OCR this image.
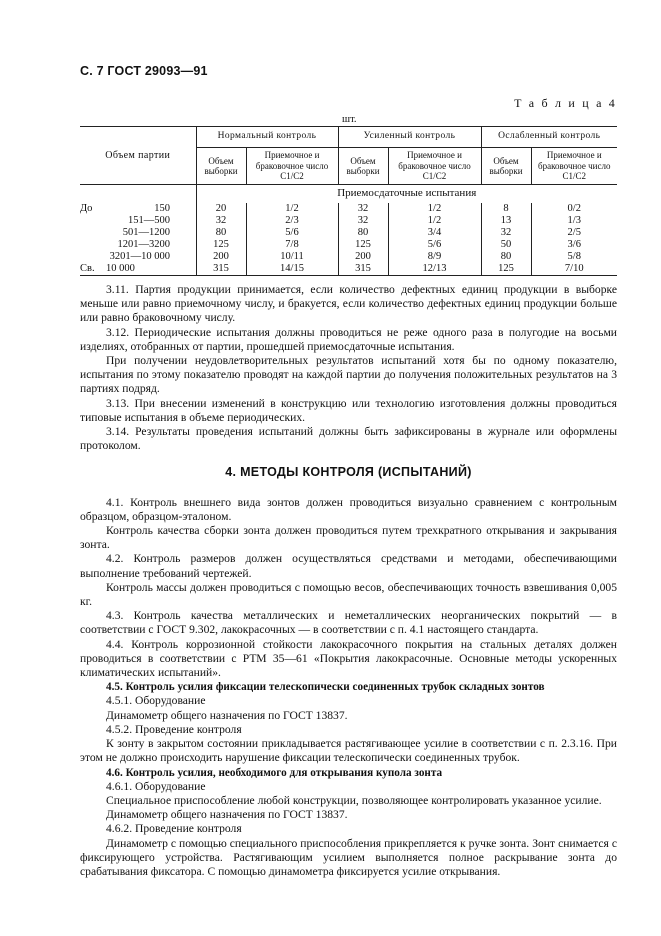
С. 7 ГОСТ 29093—91
Т а б л и ц а 4
шт.
Объем партии	Нормальный контроль		Усиленный контроль		Ослабленный контроль	
	Объем выборки	Приемочное и браковочное число C1/C2	Объем выборки	Приемочное и браковочное число C1/C2	Объем выборки	Приемочное и браковочное число C1/C2
	Приемосдаточные испытания					
До 150	20	1/2	32	1/2	8	0/2
151—500	32	2/3	32	1/2	13	1/3
501—1200	80	5/6	80	3/4	32	2/5
1201—3200	125	7/8	125	5/6	50	3/6
3201—10 000	200	10/11	200	8/9	80	5/8
Св. 10 000	315	14/15	315	12/13	125	7/10

3.11. Партия продукции принимается, если количество дефектных единиц продукции в выборке меньше или равно приемочному числу, и бракуется, если количество дефектных единиц продукции больше или равно браковочному числу.

3.12. Периодические испытания должны проводиться не реже одного раза в полугодие на восьми изделиях, отобранных от партии, прошедшей приемосдаточные испытания.

При получении неудовлетворительных результатов испытаний хотя бы по одному показателю, испытания по этому показателю проводят на каждой партии до получения положительных результатов на 3 партиях подряд.

3.13. При внесении изменений в конструкцию или технологию изготовления должны проводиться типовые испытания в объеме периодических.

3.14. Результаты проведения испытаний должны быть зафиксированы в журнале или оформлены протоколом.

4. МЕТОДЫ КОНТРОЛЯ (ИСПЫТАНИЙ)

4.1. Контроль внешнего вида зонтов должен проводиться визуально сравнением с контрольным образцом, образцом-эталоном.

Контроль качества сборки зонта должен проводиться путем трехкратного открывания и закрывания зонта.

4.2. Контроль размеров должен осуществляться средствами и методами, обеспечивающими выполнение требований чертежей.

Контроль массы должен проводиться с помощью весов, обеспечивающих точность взвешивания 0,005 кг.

4.3. Контроль качества металлических и неметаллических неорганических покрытий — в соответствии с ГОСТ 9.302, лакокрасочных — в соответствии с п. 4.1 настоящего стандарта.

4.4. Контроль коррозионной стойкости лакокрасочного покрытия на стальных деталях должен проводиться в соответствии с РТМ 35—61 «Покрытия лакокрасочные. Основные методы ускоренных климатических испытаний».

4.5. Контроль усилия фиксации телескопически соединенных трубок складных зонтов

4.5.1. Оборудование

Динамометр общего назначения по ГОСТ 13837.

4.5.2. Проведение контроля

К зонту в закрытом состоянии прикладывается растягивающее усилие в соответствии с п. 2.3.16. При этом не должно происходить нарушение фиксации телескопически соединенных трубок.

4.6. Контроль усилия, необходимого для открывания купола зонта

4.6.1. Оборудование

Специальное приспособление любой конструкции, позволяющее контролировать указанное усилие.

Динамометр общего назначения по ГОСТ 13837.

4.6.2. Проведение контроля

Динамометр с помощью специального приспособления прикрепляется к ручке зонта. Зонт снимается с фиксирующего устройства. Растягивающим усилием выполняется полное раскрывание зонта до срабатывания фиксатора. С помощью динамометра фиксируется усилие открывания.
